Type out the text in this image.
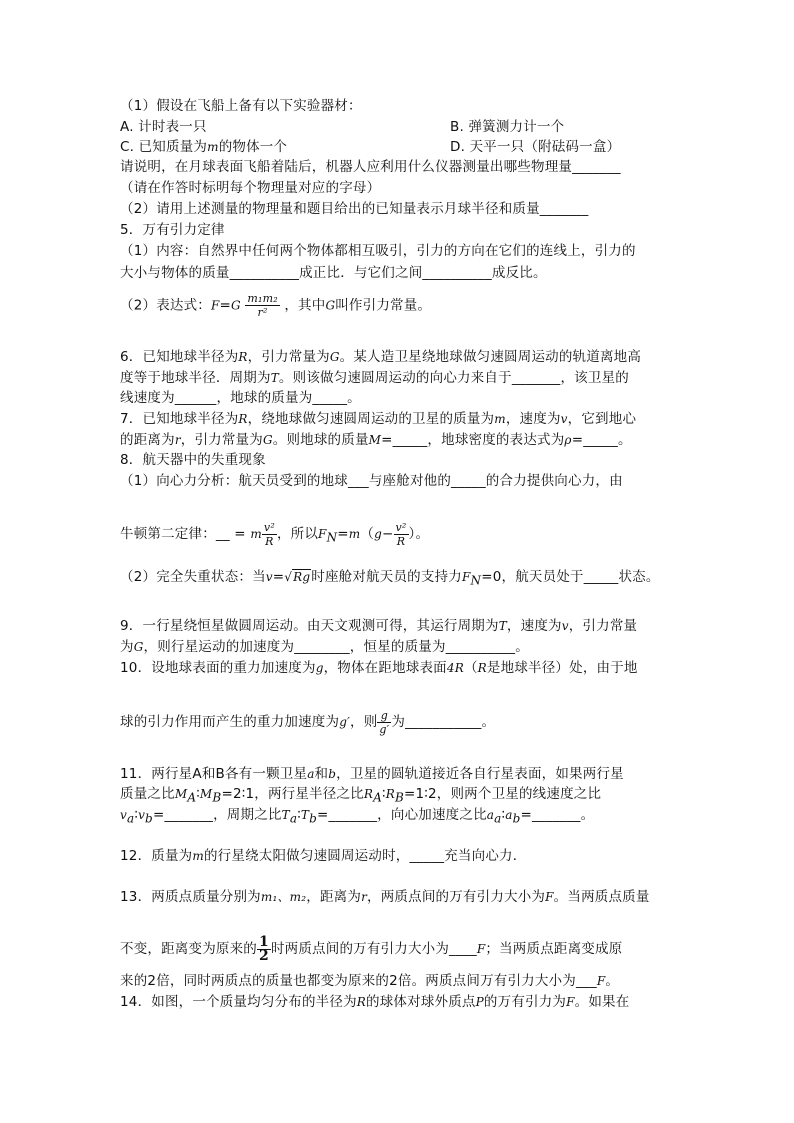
（1）假设在飞船上备有以下实验器材：
A. 计时表一只	B. 弹簧测力计一个
C. 已知质量为m的物体一个	D. 天平一只（附砝码一盒）
请说明，在月球表面飞船着陆后，机器人应利用什么仪器测量出哪些物理量_______
（请在作答时标明每个物理量对应的字母）
（2）请用上述测量的物理量和题目给出的已知量表示月球半径和质量_______
5．万有引力定律
（1）内容：自然界中任何两个物体都相互吸引，引力的方向在它们的连线上，引力的
大小与物体的质量__________成正比．与它们之间__________成反比。
（2）表达式：$F=G \frac{\text{m₁m₂}}{\text{r²}}$ ，其中G叫作引力常量。
6．已知地球半径为R，引力常量为G。某人造卫星绕地球做匀速圆周运动的轨道离地高
度等于地球半径．周期为T。则该做匀速圆周运动的向心力来自于_______，该卫星的
线速度为______，地球的质量为_____。
7．已知地球半径为R，绕地球做匀速圆周运动的卫星的质量为m，速度为v，它到地心
的距离为r，引力常量为G。则地球的质量M=_____，地球密度的表达式为ρ=_____。
8．航天器中的失重现象
（1）向心力分析：航天员受到的地球___与座舱对他的_____的合力提供向心力，由
牛顿第二定律：__ = m $\frac{\text{v²}}{R}$ ，所以$F_N=m(g- \frac{\text{v²}}{R}$ ）。
（2）完全失重状态：当v=√Rg时座舱对航天员的支持力$F_N=0$，航天员处于_____状态。
9．一行星绕恒星做圆周运动。由天文观测可得，其运行周期为T，速度为v，引力常量
为G，则行星运动的加速度为________，恒星的质量为__________。
10．设地球表面的重力加速度为g，物体在距地球表面4R（R是地球半径）处，由于地
球的引力作用而产生的重力加速度为g′，则 $\frac{g}{g'}$ 为___________。
11．两行星A和B各有一颗卫星a和b，卫星的圆轨道接近各自行星表面，如果两行星
质量之比$M_A∶M_B=2∶1$，两行星半径之比$R_A∶R_B=1∶2$，则两个卫星的线速度之比
$v_a∶v_b=\_\_\_\_\_\_\_$，周期之比$T_a∶T_b=\_\_\_\_\_\_\_$，向心加速度之比$a_a∶a_b=\_\_\_\_\_\_\_$。
12．质量为m的行星绕太阳做匀速圆周运动时，_____充当向心力．
13．两质点质量分别为m₁、m₂，距离为r，两质点间的万有引力大小为F。当两质点质量
不变，距离变为原来的 $\frac{1}{2}$ 时两质点间的万有引力大小为____F；当两质点距离变成原
来的2倍，同时两质点的质量也都变为原来的2倍。两质点间万有引力大小为___F。
14．如图，一个质量均匀分布的半径为R的球体对球外质点P的万有引力为F。如果在
